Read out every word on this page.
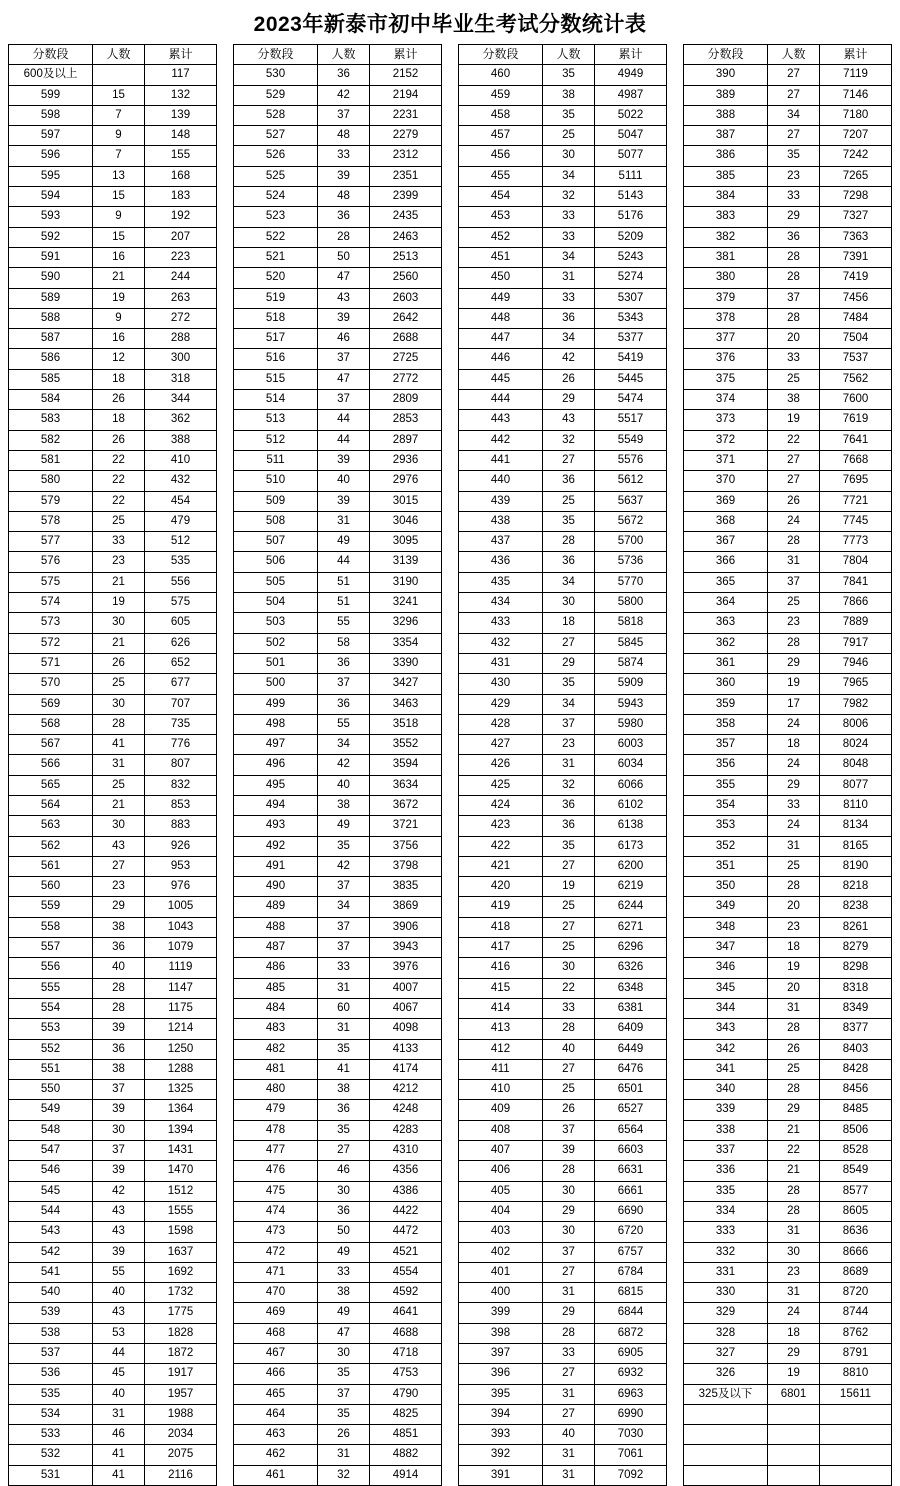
2023年新泰市初中毕业生考试分数统计表
分数段	人数	累计
600及以上		117
599	15	132
598	7	139
597	9	148
596	7	155
595	13	168
594	15	183
593	9	192
592	15	207
591	16	223
590	21	244
589	19	263
588	9	272
587	16	288
586	12	300
585	18	318
584	26	344
583	18	362
582	26	388
581	22	410
580	22	432
579	22	454
578	25	479
577	33	512
576	23	535
575	21	556
574	19	575
573	30	605
572	21	626
571	26	652
570	25	677
569	30	707
568	28	735
567	41	776
566	31	807
565	25	832
564	21	853
563	30	883
562	43	926
561	27	953
560	23	976
559	29	1005
558	38	1043
557	36	1079
556	40	1119
555	28	1147
554	28	1175
553	39	1214
552	36	1250
551	38	1288
550	37	1325
549	39	1364
548	30	1394
547	37	1431
546	39	1470
545	42	1512
544	43	1555
543	43	1598
542	39	1637
541	55	1692
540	40	1732
539	43	1775
538	53	1828
537	44	1872
536	45	1917
535	40	1957
534	31	1988
533	46	2034
532	41	2075
531	41	2116
分数段	人数	累计
530	36	2152
529	42	2194
528	37	2231
527	48	2279
526	33	2312
525	39	2351
524	48	2399
523	36	2435
522	28	2463
521	50	2513
520	47	2560
519	43	2603
518	39	2642
517	46	2688
516	37	2725
515	47	2772
514	37	2809
513	44	2853
512	44	2897
511	39	2936
510	40	2976
509	39	3015
508	31	3046
507	49	3095
506	44	3139
505	51	3190
504	51	3241
503	55	3296
502	58	3354
501	36	3390
500	37	3427
499	36	3463
498	55	3518
497	34	3552
496	42	3594
495	40	3634
494	38	3672
493	49	3721
492	35	3756
491	42	3798
490	37	3835
489	34	3869
488	37	3906
487	37	3943
486	33	3976
485	31	4007
484	60	4067
483	31	4098
482	35	4133
481	41	4174
480	38	4212
479	36	4248
478	35	4283
477	27	4310
476	46	4356
475	30	4386
474	36	4422
473	50	4472
472	49	4521
471	33	4554
470	38	4592
469	49	4641
468	47	4688
467	30	4718
466	35	4753
465	37	4790
464	35	4825
463	26	4851
462	31	4882
461	32	4914
分数段	人数	累计
460	35	4949
459	38	4987
458	35	5022
457	25	5047
456	30	5077
455	34	5111
454	32	5143
453	33	5176
452	33	5209
451	34	5243
450	31	5274
449	33	5307
448	36	5343
447	34	5377
446	42	5419
445	26	5445
444	29	5474
443	43	5517
442	32	5549
441	27	5576
440	36	5612
439	25	5637
438	35	5672
437	28	5700
436	36	5736
435	34	5770
434	30	5800
433	18	5818
432	27	5845
431	29	5874
430	35	5909
429	34	5943
428	37	5980
427	23	6003
426	31	6034
425	32	6066
424	36	6102
423	36	6138
422	35	6173
421	27	6200
420	19	6219
419	25	6244
418	27	6271
417	25	6296
416	30	6326
415	22	6348
414	33	6381
413	28	6409
412	40	6449
411	27	6476
410	25	6501
409	26	6527
408	37	6564
407	39	6603
406	28	6631
405	30	6661
404	29	6690
403	30	6720
402	37	6757
401	27	6784
400	31	6815
399	29	6844
398	28	6872
397	33	6905
396	27	6932
395	31	6963
394	27	6990
393	40	7030
392	31	7061
391	31	7092
分数段	人数	累计
390	27	7119
389	27	7146
388	34	7180
387	27	7207
386	35	7242
385	23	7265
384	33	7298
383	29	7327
382	36	7363
381	28	7391
380	28	7419
379	37	7456
378	28	7484
377	20	7504
376	33	7537
375	25	7562
374	38	7600
373	19	7619
372	22	7641
371	27	7668
370	27	7695
369	26	7721
368	24	7745
367	28	7773
366	31	7804
365	37	7841
364	25	7866
363	23	7889
362	28	7917
361	29	7946
360	19	7965
359	17	7982
358	24	8006
357	18	8024
356	24	8048
355	29	8077
354	33	8110
353	24	8134
352	31	8165
351	25	8190
350	28	8218
349	20	8238
348	23	8261
347	18	8279
346	19	8298
345	20	8318
344	31	8349
343	28	8377
342	26	8403
341	25	8428
340	28	8456
339	29	8485
338	21	8506
337	22	8528
336	21	8549
335	28	8577
334	28	8605
333	31	8636
332	30	8666
331	23	8689
330	31	8720
329	24	8744
328	18	8762
327	29	8791
326	19	8810
325及以下	6801	15611
